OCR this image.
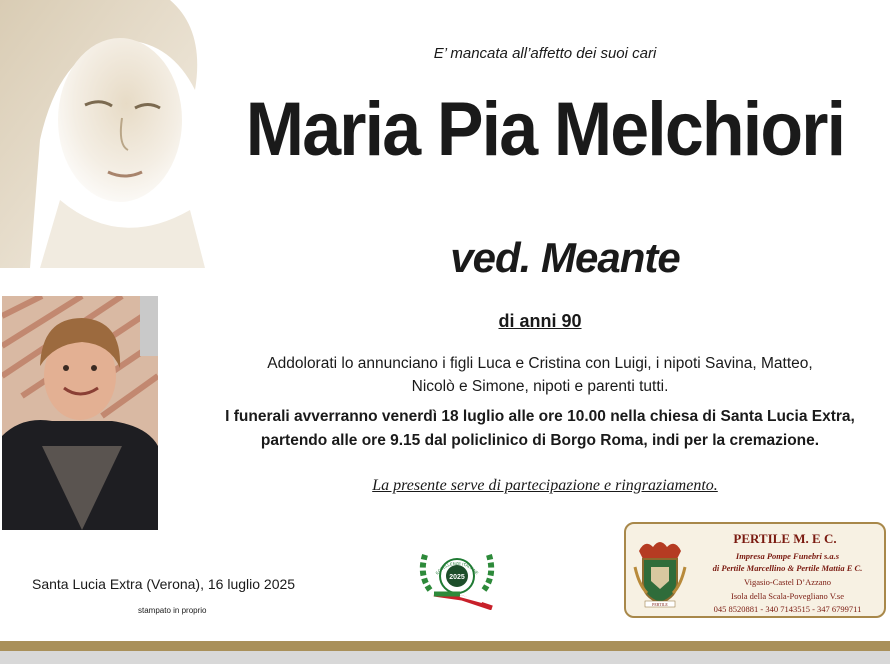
E’ mancata all’affetto dei suoi cari
Maria Pia Melchiori
ved. Meante
di anni 90
Addolorati lo annunciano i figli Luca e Cristina con Luigi, i nipoti Savina, Matteo,
Nicolò e Simone, nipoti e parenti tutti.
I funerali avverranno venerdì 18 luglio alle ore 10.00 nella chiesa di Santa Lucia Extra,
partendo alle ore 9.15 dal policlinico di Borgo Roma, indi per la cremazione.
La presente serve di partecipazione e ringraziamento.
Santa Lucia Extra (Verona), 16 luglio 2025
stampato in proprio
2025
ECCELLENZE ITALIANE
PERTILE
PERTILE M. E C.
Impresa Pompe Funebri s.a.s
di Pertile Marcellino & Pertile Mattia E C.
Vigasio-Castel D’Azzano
Isola della Scala-Povegliano V.se
045 8520881 - 340 7143515 - 347 6799711
